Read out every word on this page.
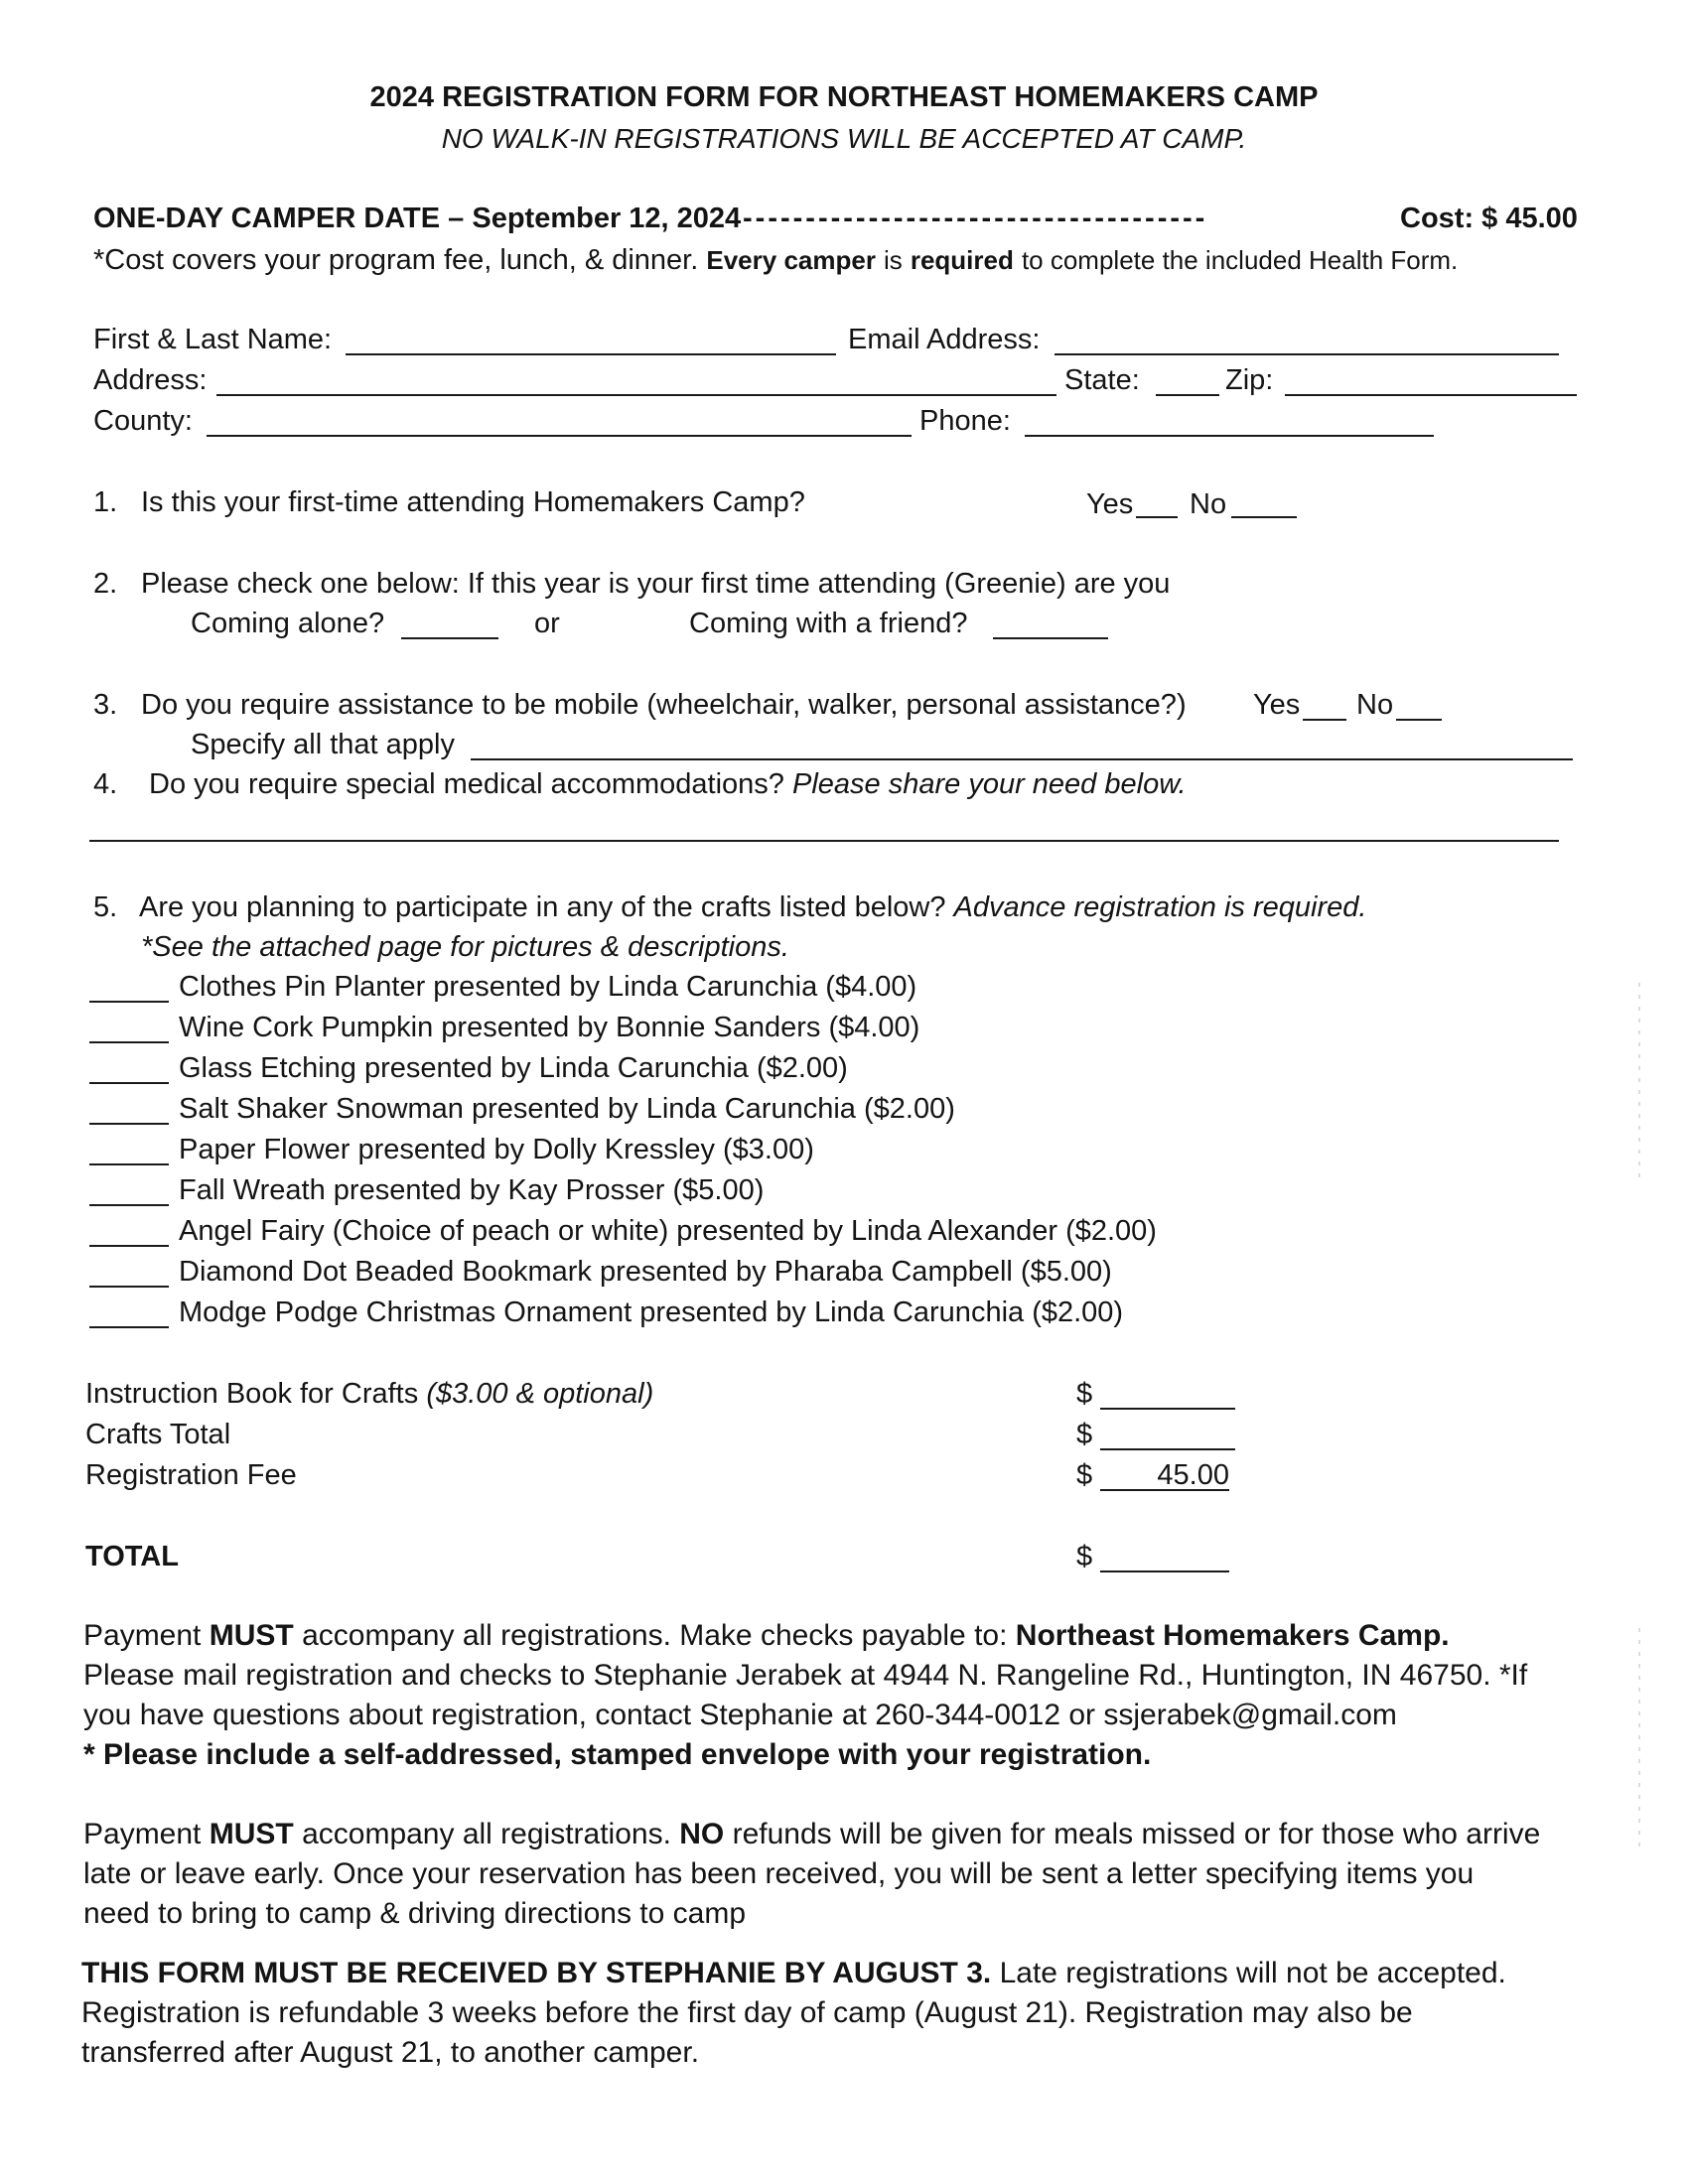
2024 REGISTRATION FORM FOR NORTHEAST HOMEMAKERS CAMP
NO WALK-IN REGISTRATIONS WILL BE ACCEPTED AT CAMP.
ONE-DAY CAMPER DATE – September 12, 2024 -------------------------------------	Cost: $ 45.00
*Cost covers your program fee, lunch, & dinner. Every camper is required to complete the included Health Form.
First & Last Name:	Email Address:
Address:	State:	Zip:
County:	Phone:
1. Is this your first-time attending Homemakers Camp?	Yes No
2. Please check one below: If this year is your first time attending (Greenie) are you
Coming alone?	or	Coming with a friend?
3. Do you require assistance to be mobile (wheelchair, walker, personal assistance?) Yes No
Specify all that apply
4. Do you require special medical accommodations? Please share your need below.
5. Are you planning to participate in any of the crafts listed below? Advance registration is required.
*See the attached page for pictures & descriptions.
Clothes Pin Planter presented by Linda Carunchia ($4.00)
Wine Cork Pumpkin presented by Bonnie Sanders ($4.00)
Glass Etching presented by Linda Carunchia ($2.00)
Salt Shaker Snowman presented by Linda Carunchia ($2.00)
Paper Flower presented by Dolly Kressley ($3.00)
Fall Wreath presented by Kay Prosser ($5.00)
Angel Fairy (Choice of peach or white) presented by Linda Alexander ($2.00)
Diamond Dot Beaded Bookmark presented by Pharaba Campbell ($5.00)
Modge Podge Christmas Ornament presented by Linda Carunchia ($2.00)
Instruction Book for Crafts ($3.00 & optional)	$
Crafts Total	$
Registration Fee	$	45.00
TOTAL	$
Payment MUST accompany all registrations. Make checks payable to: Northeast Homemakers Camp.
Please mail registration and checks to Stephanie Jerabek at 4944 N. Rangeline Rd., Huntington, IN 46750. *If
you have questions about registration, contact Stephanie at 260-344-0012 or ssjerabek@gmail.com
* Please include a self-addressed, stamped envelope with your registration.
Payment MUST accompany all registrations. NO refunds will be given for meals missed or for those who arrive
late or leave early. Once your reservation has been received, you will be sent a letter specifying items you
need to bring to camp & driving directions to camp
THIS FORM MUST BE RECEIVED BY STEPHANIE BY AUGUST 3. Late registrations will not be accepted.
Registration is refundable 3 weeks before the first day of camp (August 21). Registration may also be
transferred after August 21, to another camper.
